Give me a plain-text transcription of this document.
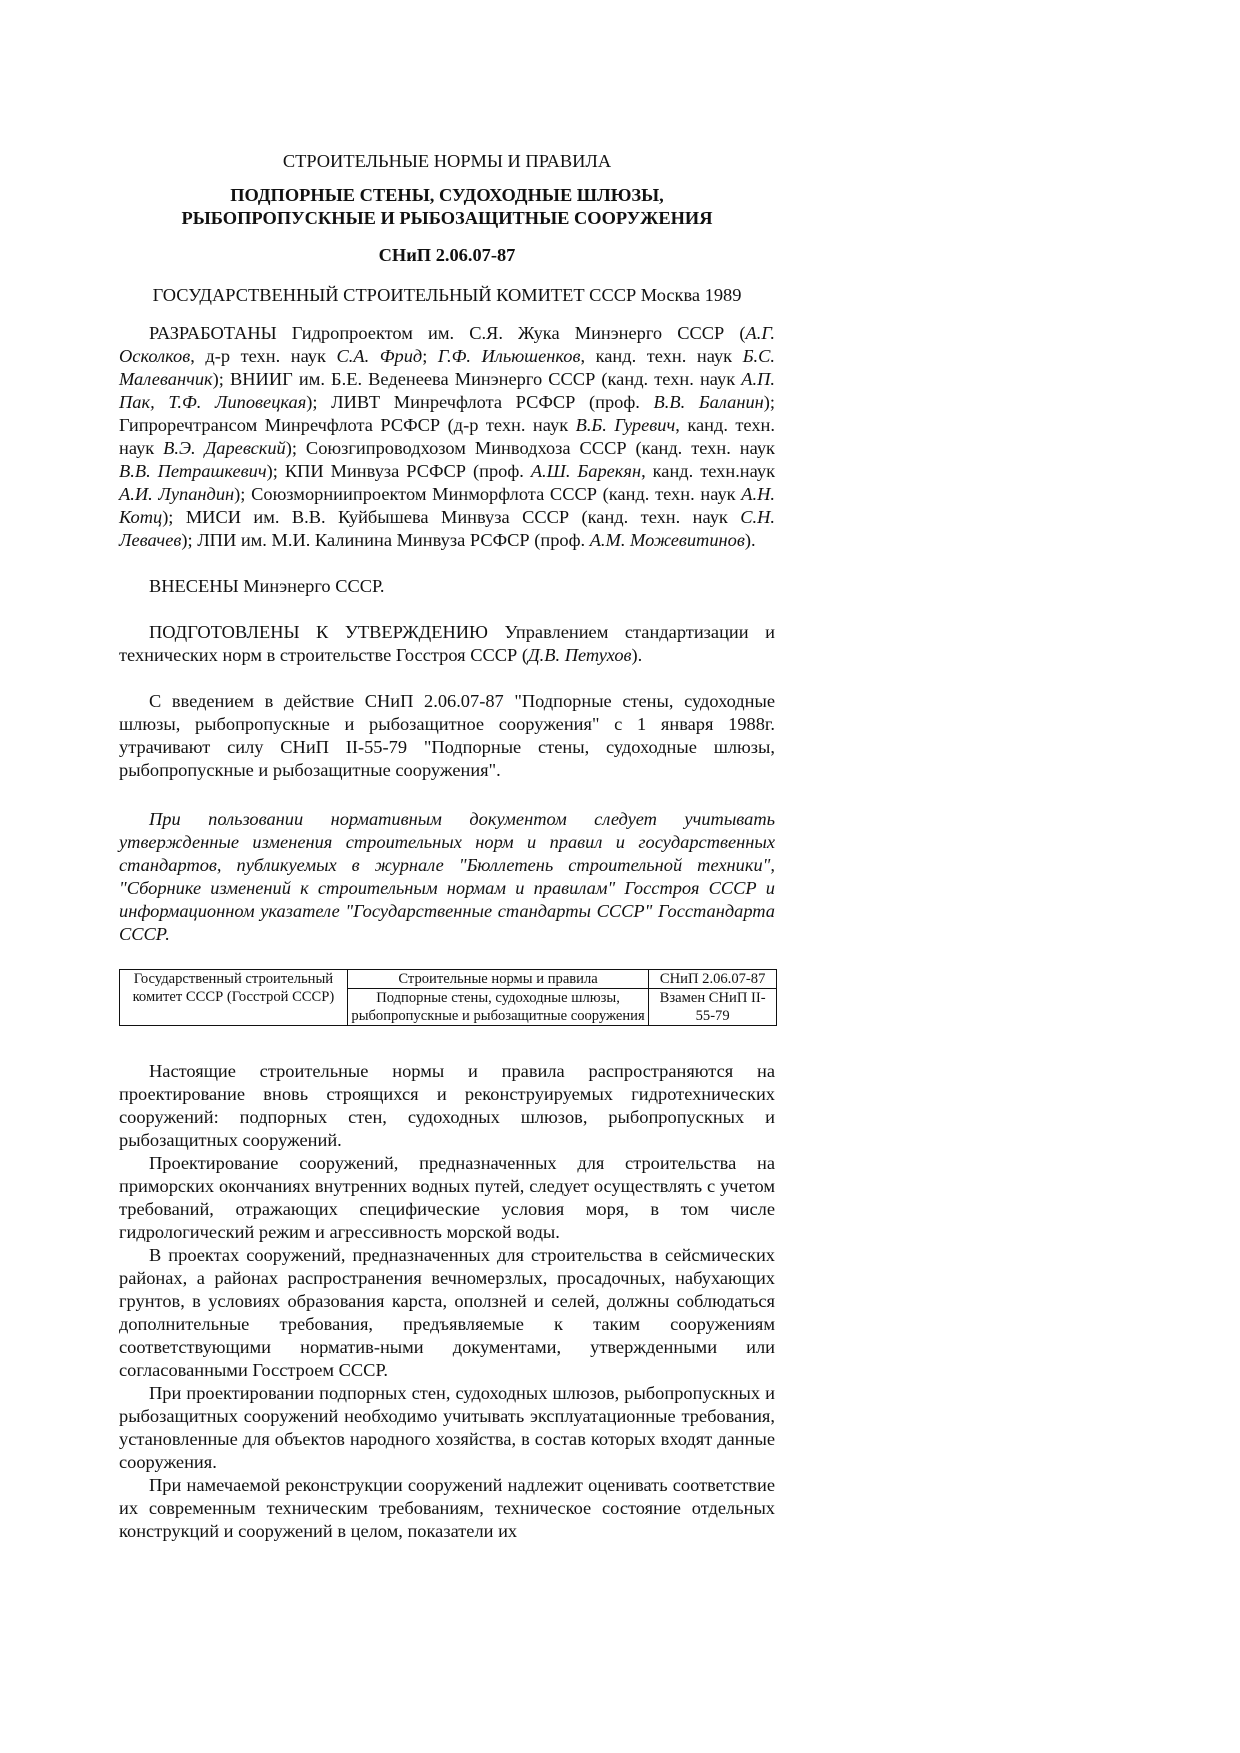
СТРОИТЕЛЬНЫЕ НОРМЫ И ПРАВИЛА
ПОДПОРНЫЕ СТЕНЫ, СУДОХОДНЫЕ ШЛЮЗЫ,
РЫБОПРОПУСКНЫЕ И РЫБОЗАЩИТНЫЕ СООРУЖЕНИЯ
СНиП 2.06.07-87
ГОСУДАРСТВЕННЫЙ СТРОИТЕЛЬНЫЙ КОМИТЕТ СССР Москва 1989

РАЗРАБОТАНЫ Гидропроектом им. С.Я. Жука Минэнерго СССР (А.Г. Осколков, д-р техн. наук С.А. Фрид; Г.Ф. Ильюшенков, канд. техн. наук Б.С. Малеванчик); ВНИИГ им. Б.Е. Веденеева Минэнерго СССР (канд. техн. наук А.П. Пак, Т.Ф. Липовецкая); ЛИВТ Минречфлота РСФСР (проф. В.В. Баланин); Гипроречтрансом Минречфлота РСФСР (д-р техн. наук В.Б. Гуревич, канд. техн. наук В.Э. Даревский); Союзгипроводхозом Минводхоза СССР (канд. техн. наук В.В. Петрашкевич); КПИ Минвуза РСФСР (проф. А.Ш. Барекян, канд. техн.наук А.И. Лупандин); Союзморниипроектом Минморфлота СССР (канд. техн. наук А.Н. Котц); МИСИ им. В.В. Куйбышева Минвуза СССР (канд. техн. наук С.Н. Левачев); ЛПИ им. М.И. Калинина Минвуза РСФСР (проф. А.М. Можевитинов).

ВНЕСЕНЫ Минэнерго СССР.

ПОДГОТОВЛЕНЫ К УТВЕРЖДЕНИЮ Управлением стандартизации и технических норм в строительстве Госстроя СССР (Д.В. Петухов).

С введением в действие СНиП 2.06.07-87 "Подпорные стены, судоходные шлюзы, рыбопропускные и рыбозащитное сооружения" с 1 января 1988г. утрачивают силу СНиП II-55-79 "Подпорные стены, судоходные шлюзы, рыбопропускные и рыбозащитные сооружения".

При пользовании нормативным документом следует учитывать утвержденные изменения строительных норм и правил и государственных стандартов, публикуемых в журнале "Бюллетень строительной техники", "Сборнике изменений к строительным нормам и правилам" Госстроя СССР и информационном указателе "Государственные стандарты СССР" Госстандарта СССР.

Государственный строительный комитет СССР (Госстрой СССР)	Строительные нормы и правила	СНиП 2.06.07-87
	Подпорные стены, судоходные шлюзы, рыбопропускные и рыбозащитные сооружения	Взамен СНиП II-55-79

Настоящие строительные нормы и правила распространяются на проектирование вновь строящихся и реконструируемых гидротехнических сооружений: подпорных стен, судоходных шлюзов, рыбопропускных и рыбозащитных сооружений.

Проектирование сооружений, предназначенных для строительства на приморских окончаниях внутренних водных путей, следует осуществлять с учетом требований, отражающих специфические условия моря, в том числе гидрологический режим и агрессивность морской воды.

В проектах сооружений, предназначенных для строительства в сейсмических районах, а районах распространения вечномерзлых, просадочных, набухающих грунтов, в условиях образования карста, оползней и селей, должны соблюдаться дополнительные требования, предъявляемые к таким сооружениям соответствующими норматив-ными документами, утвержденными или согласованными Госстроем СССР.

При проектировании подпорных стен, судоходных шлюзов, рыбопропускных и рыбозащитных сооружений необходимо учитывать эксплуатационные требования, установленные для объектов народного хозяйства, в состав которых входят данные сооружения.

При намечаемой реконструкции сооружений надлежит оценивать соответствие их современным техническим требованиям, техническое состояние отдельных конструкций и сооружений в целом, показатели их
